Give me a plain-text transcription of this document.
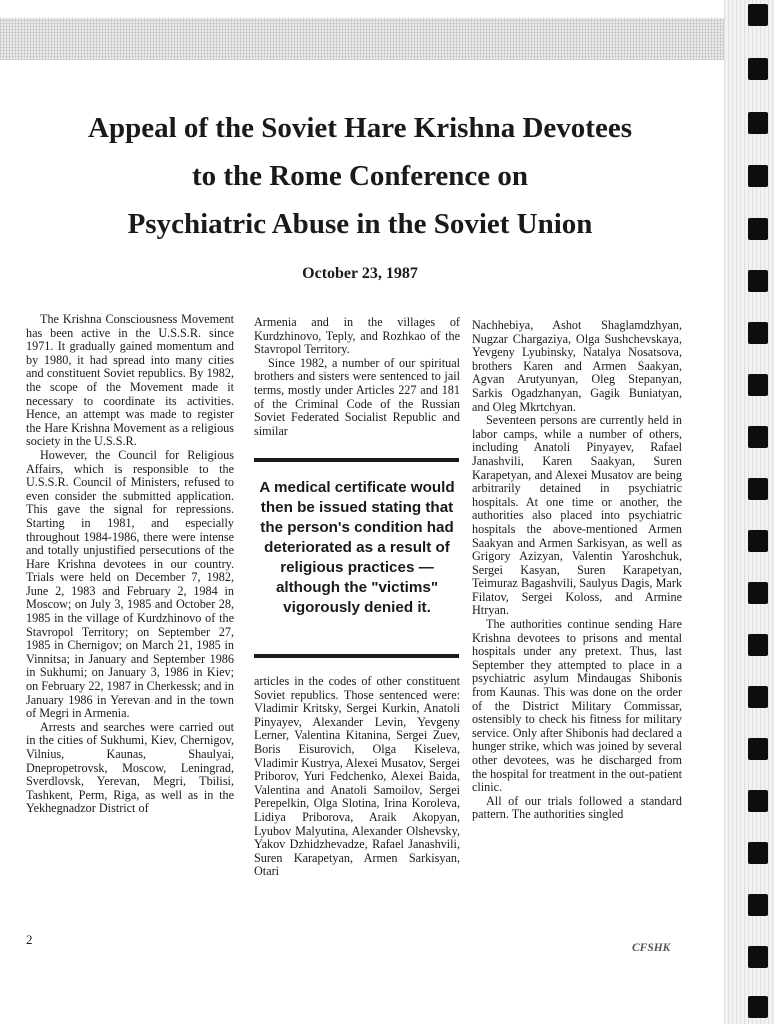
Appeal of the Soviet Hare Krishna Devotees
to the Rome Conference on
Psychiatric Abuse in the Soviet Union
October 23, 1987

The Krishna Consciousness Movement has been active in the U.S.S.R. since 1971. It gradually gained momentum and by 1980, it had spread into many cities and constituent Soviet republics. By 1982, the scope of the Movement made it necessary to coordinate its activities. Hence, an attempt was made to register the Hare Krishna Movement as a religious society in the U.S.S.R.

However, the Council for Religious Affairs, which is responsible to the U.S.S.R. Council of Ministers, refused to even consider the submitted application. This gave the signal for repressions. Starting in 1981, and especially throughout 1984-1986, there were intense and totally unjustified persecutions of the Hare Krishna devotees in our country. Trials were held on December 7, 1982, June 2, 1983 and February 2, 1984 in Moscow; on July 3, 1985 and October 28, 1985 in the village of Kurdzhinovo of the Stavropol Territory; on September 27, 1985 in Chernigov; on March 21, 1985 in Vinnitsa; in January and September 1986 in Sukhumi; on January 3, 1986 in Kiev; on February 22, 1987 in Cherkessk; and in January 1986 in Yerevan and in the town of Megri in Armenia.

Arrests and searches were carried out in the cities of Sukhumi, Kiev, Chernigov, Vilnius, Kaunas, Shaulyai, Dnepropetrovsk, Moscow, Leningrad, Sverdlovsk, Yerevan, Megri, Tbilisi, Tashkent, Perm, Riga, as well as in the Yekhegnadzor District of

Armenia and in the villages of Kurdzhinovo, Teply, and Rozhkao of the Stavropol Territory.

Since 1982, a number of our spiritual brothers and sisters were sentenced to jail terms, mostly under Articles 227 and 181 of the Criminal Code of the Russian Soviet Federated Socialist Republic and similar

A medical certificate would then be issued stating that the person's condition had deteriorated as a result of religious practices — although the "victims" vigorously denied it.

articles in the codes of other constituent Soviet republics. Those sentenced were: Vladimir Kritsky, Sergei Kurkin, Anatoli Pinyayev, Alexander Levin, Yevgeny Lerner, Valentina Kitanina, Sergei Zuev, Boris Eisurovich, Olga Kiseleva, Vladimir Kustrya, Alexei Musatov, Sergei Priborov, Yuri Fedchenko, Alexei Baida, Valentina and Anatoli Samoilov, Sergei Perepelkin, Olga Slotina, Irina Koroleva, Lidiya Priborova, Araik Akopyan, Lyubov Malyutina, Alexander Olshevsky, Yakov Dzhidzhevadze, Rafael Janashvili, Suren Karapetyan, Armen Sarkisyan, Otari

Nachhebiya, Ashot Shaglamdzhyan, Nugzar Chargaziya, Olga Sushchevskaya, Yevgeny Lyubinsky, Natalya Nosatsova, brothers Karen and Armen Saakyan, Agvan Arutyunyan, Oleg Stepanyan, Sarkis Ogadzhanyan, Gagik Buniatyan, and Oleg Mkrtchyan.

Seventeen persons are currently held in labor camps, while a number of others, including Anatoli Pinyayev, Rafael Janashvili, Karen Saakyan, Suren Karapetyan, and Alexei Musatov are being arbitrarily detained in psychiatric hospitals. At one time or another, the authorities also placed into psychiatric hospitals the above-mentioned Armen Saakyan and Armen Sarkisyan, as well as Grigory Azizyan, Valentin Yaroshchuk, Sergei Kasyan, Suren Karapetyan, Teimuraz Bagashvili, Saulyus Dagis, Mark Filatov, Sergei Koloss, and Armine Htryan.

The authorities continue sending Hare Krishna devotees to prisons and mental hospitals under any pretext. Thus, last September they attempted to place in a psychiatric asylum Mindaugas Shibonis from Kaunas. This was done on the order of the District Military Commissar, ostensibly to check his fitness for military service. Only after Shibonis had declared a hunger strike, which was joined by several other devotees, was he discharged from the hospital for treatment in the out-patient clinic.

All of our trials followed a standard pattern. The authorities singled

2
CFSHK
